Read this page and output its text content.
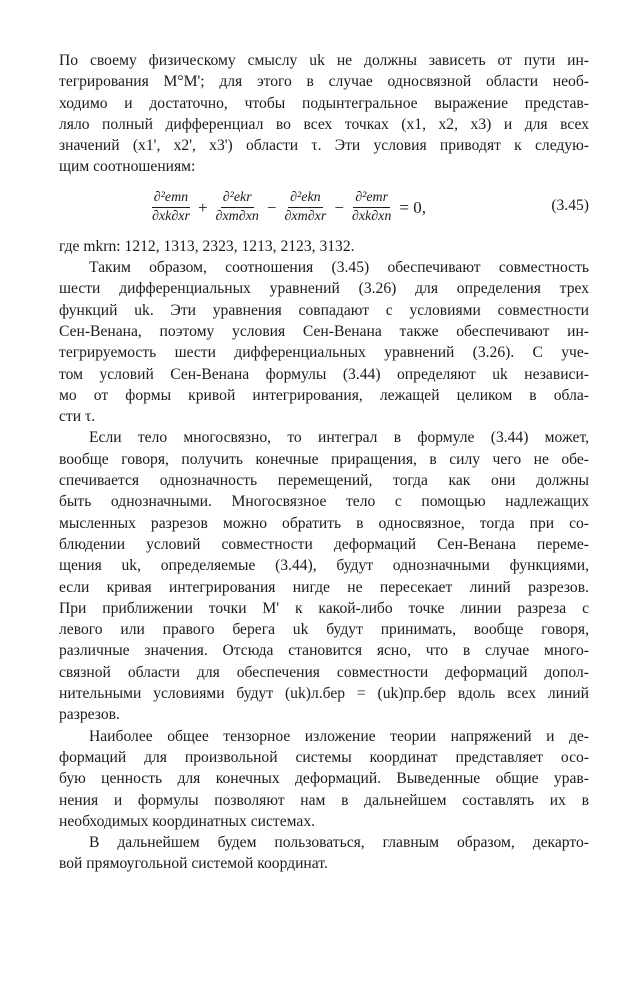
По своему физическому смыслу uk не должны зависеть от пути ин-
тегрирования M°M'; для этого в случае односвязной области необ-
ходимо и достаточно, чтобы подынтегральное выражение представ-
ляло полный дифференциал во всех точках (x1, x2, x3) и для всех
значений (x1', x2', x3') области τ. Эти условия приводят к следую-
щим соотношениям:
$\frac{\text{∂²emn}}{\partial xk\partial xr} + \frac{\text{∂²ekr}}{\partial xm\partial xn} - \frac{\text{∂²ekn}}{\partial xm\partial xr} - \frac{\text{∂²emr}}{\partial xk\partial xn} = 0$,	(3.45)
где mkrn: 1212, 1313, 2323, 1213, 2123, 3132.
Таким образом, соотношения (3.45) обеспечивают совместность
шести дифференциальных уравнений (3.26) для определения трех
функций uk. Эти уравнения совпадают с условиями совместности
Сен-Венана, поэтому условия Сен-Венана также обеспечивают ин-
тегрируемость шести дифференциальных уравнений (3.26). С уче-
том условий Сен-Венана формулы (3.44) определяют uk независи-
мо от формы кривой интегрирования, лежащей целиком в обла-
сти τ.
Если тело многосвязно, то интеграл в формуле (3.44) может,
вообще говоря, получить конечные приращения, в силу чего не обе-
спечивается однозначность перемещений, тогда как они должны
быть однозначными. Многосвязное тело с помощью надлежащих
мысленных разрезов можно обратить в односвязное, тогда при со-
блюдении условий совместности деформаций Сен-Венана переме-
щения uk, определяемые (3.44), будут однозначными функциями,
если кривая интегрирования нигде не пересекает линий разрезов.
При приближении точки M' к какой-либо точке линии разреза с
левого или правого берега uk будут принимать, вообще говоря,
различные значения. Отсюда становится ясно, что в случае много-
связной области для обеспечения совместности деформаций допол-
нительными условиями будут (uk)л.бер = (uk)пр.бер вдоль всех линий
разрезов.
Наиболее общее тензорное изложение теории напряжений и де-
формаций для произвольной системы координат представляет осо-
бую ценность для конечных деформаций. Выведенные общие урав-
нения и формулы позволяют нам в дальнейшем составлять их в
необходимых координатных системах.
В дальнейшем будем пользоваться, главным образом, декарто-
вой прямоугольной системой координат.
